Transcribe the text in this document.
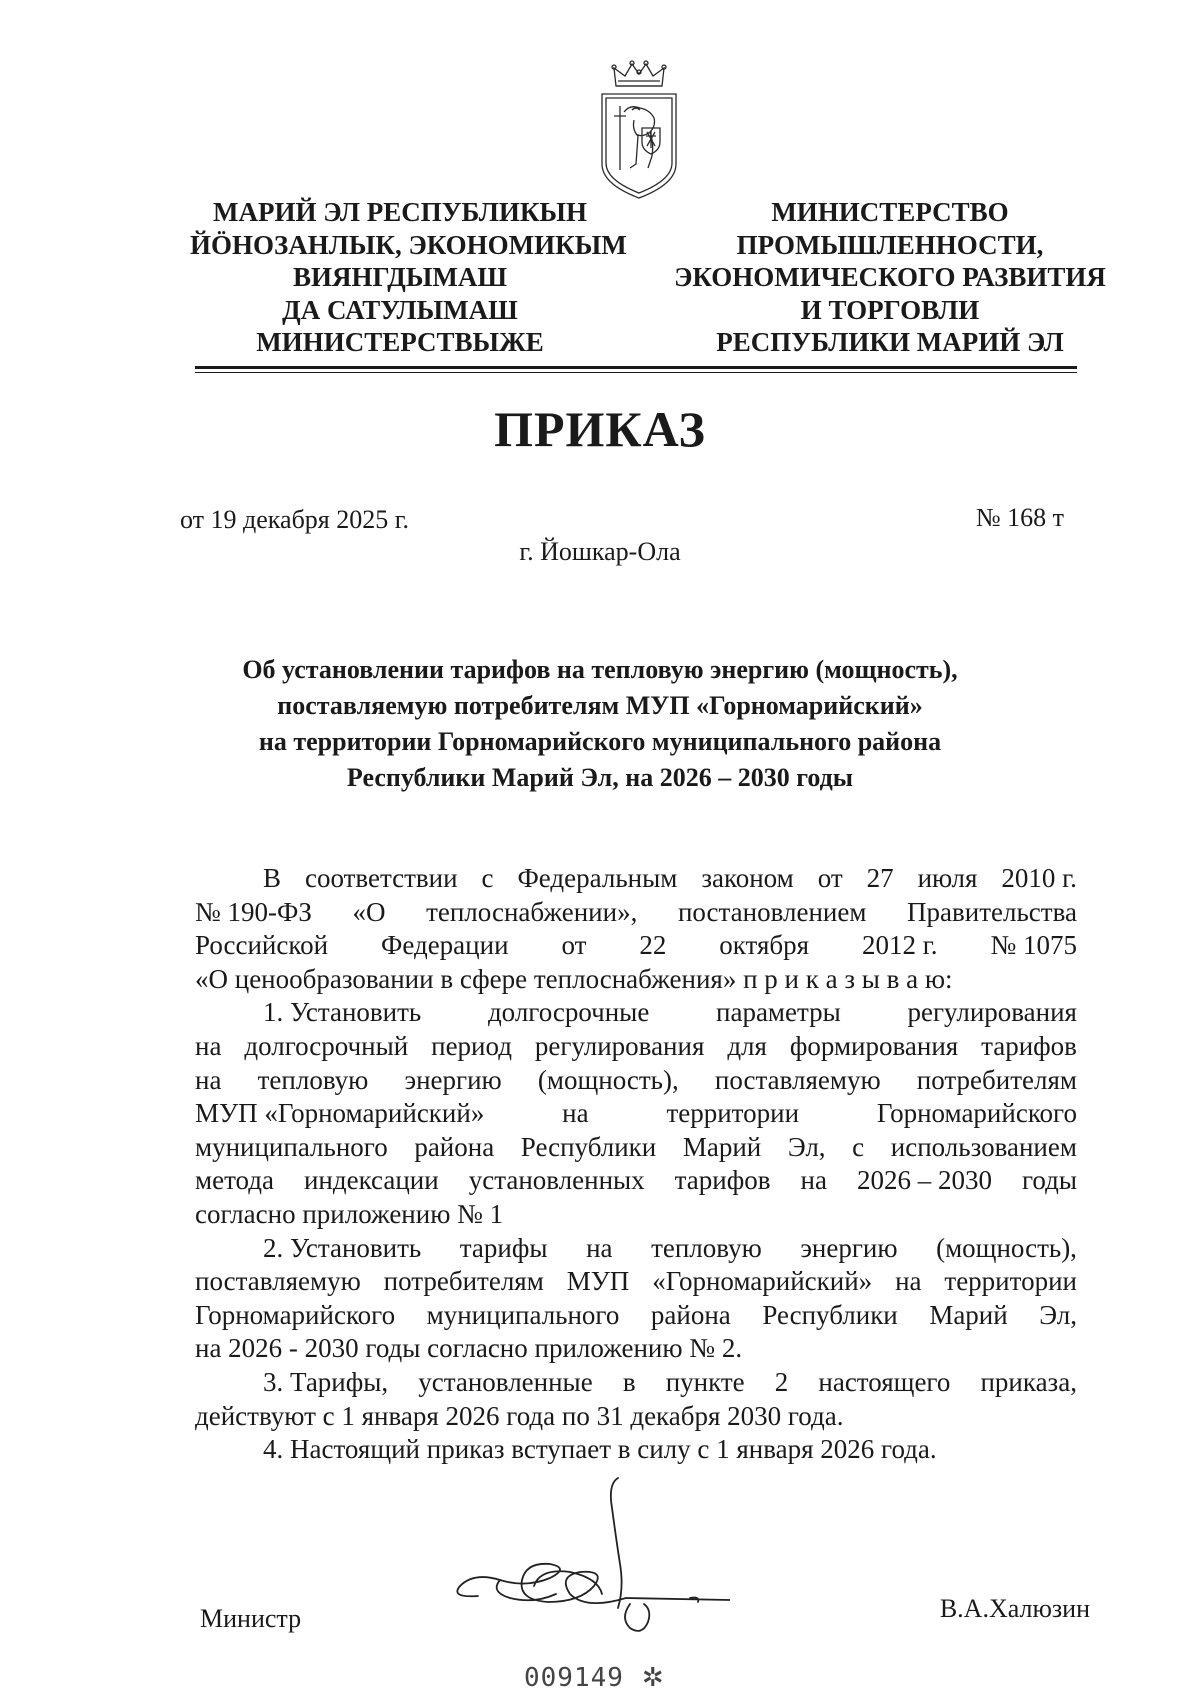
МАРИЙ ЭЛ РЕСПУБЛИКЫН
ЙӦНОЗАНЛЫК, ЭКОНОМИКЫМ
ВИЯНГДЫМАШ
ДА САТУЛЫМАШ
МИНИСТЕРСТВЫЖЕ
МИНИСТЕРСТВО
ПРОМЫШЛЕННОСТИ,
ЭКОНОМИЧЕСКОГО РАЗВИТИЯ
И ТОРГОВЛИ
РЕСПУБЛИКИ МАРИЙ ЭЛ
ПРИКАЗ
от 19 декабря 2025 г.	№ 168 т
г. Йошкар-Ола
Об установлении тарифов на тепловую энергию (мощность),
поставляемую потребителям МУП «Горномарийский»
на территории Горномарийского муниципального района
Республики Марий Эл, на 2026 – 2030 годы
В соответствии с Федеральным законом от 27 июля 2010 г.
№ 190-ФЗ «О теплоснабжении», постановлением Правительства
Российской Федерации от 22 октября 2012 г. № 1075
«О ценообразовании в сфере теплоснабжения» п р и к а з ы в а ю:
1. Установить долгосрочные параметры регулирования
на долгосрочный период регулирования для формирования тарифов
на тепловую энергию (мощность), поставляемую потребителям
МУП «Горномарийский»	на	территории	Горномарийского
муниципального района Республики Марий Эл, с использованием
метода индексации установленных тарифов на 2026 – 2030 годы
согласно приложению № 1
2. Установить тарифы на тепловую энергию (мощность),
поставляемую потребителям МУП «Горномарийский» на территории
Горномарийского муниципального района Республики Марий Эл,
на 2026 - 2030 годы согласно приложению № 2.
3. Тарифы, установленные в пункте 2 настоящего приказа,
действуют с 1 января 2026 года по 31 декабря 2030 года.
4. Настоящий приказ вступает в силу с 1 января 2026 года.
Министр	В.А.Халюзин
009149 ✲
